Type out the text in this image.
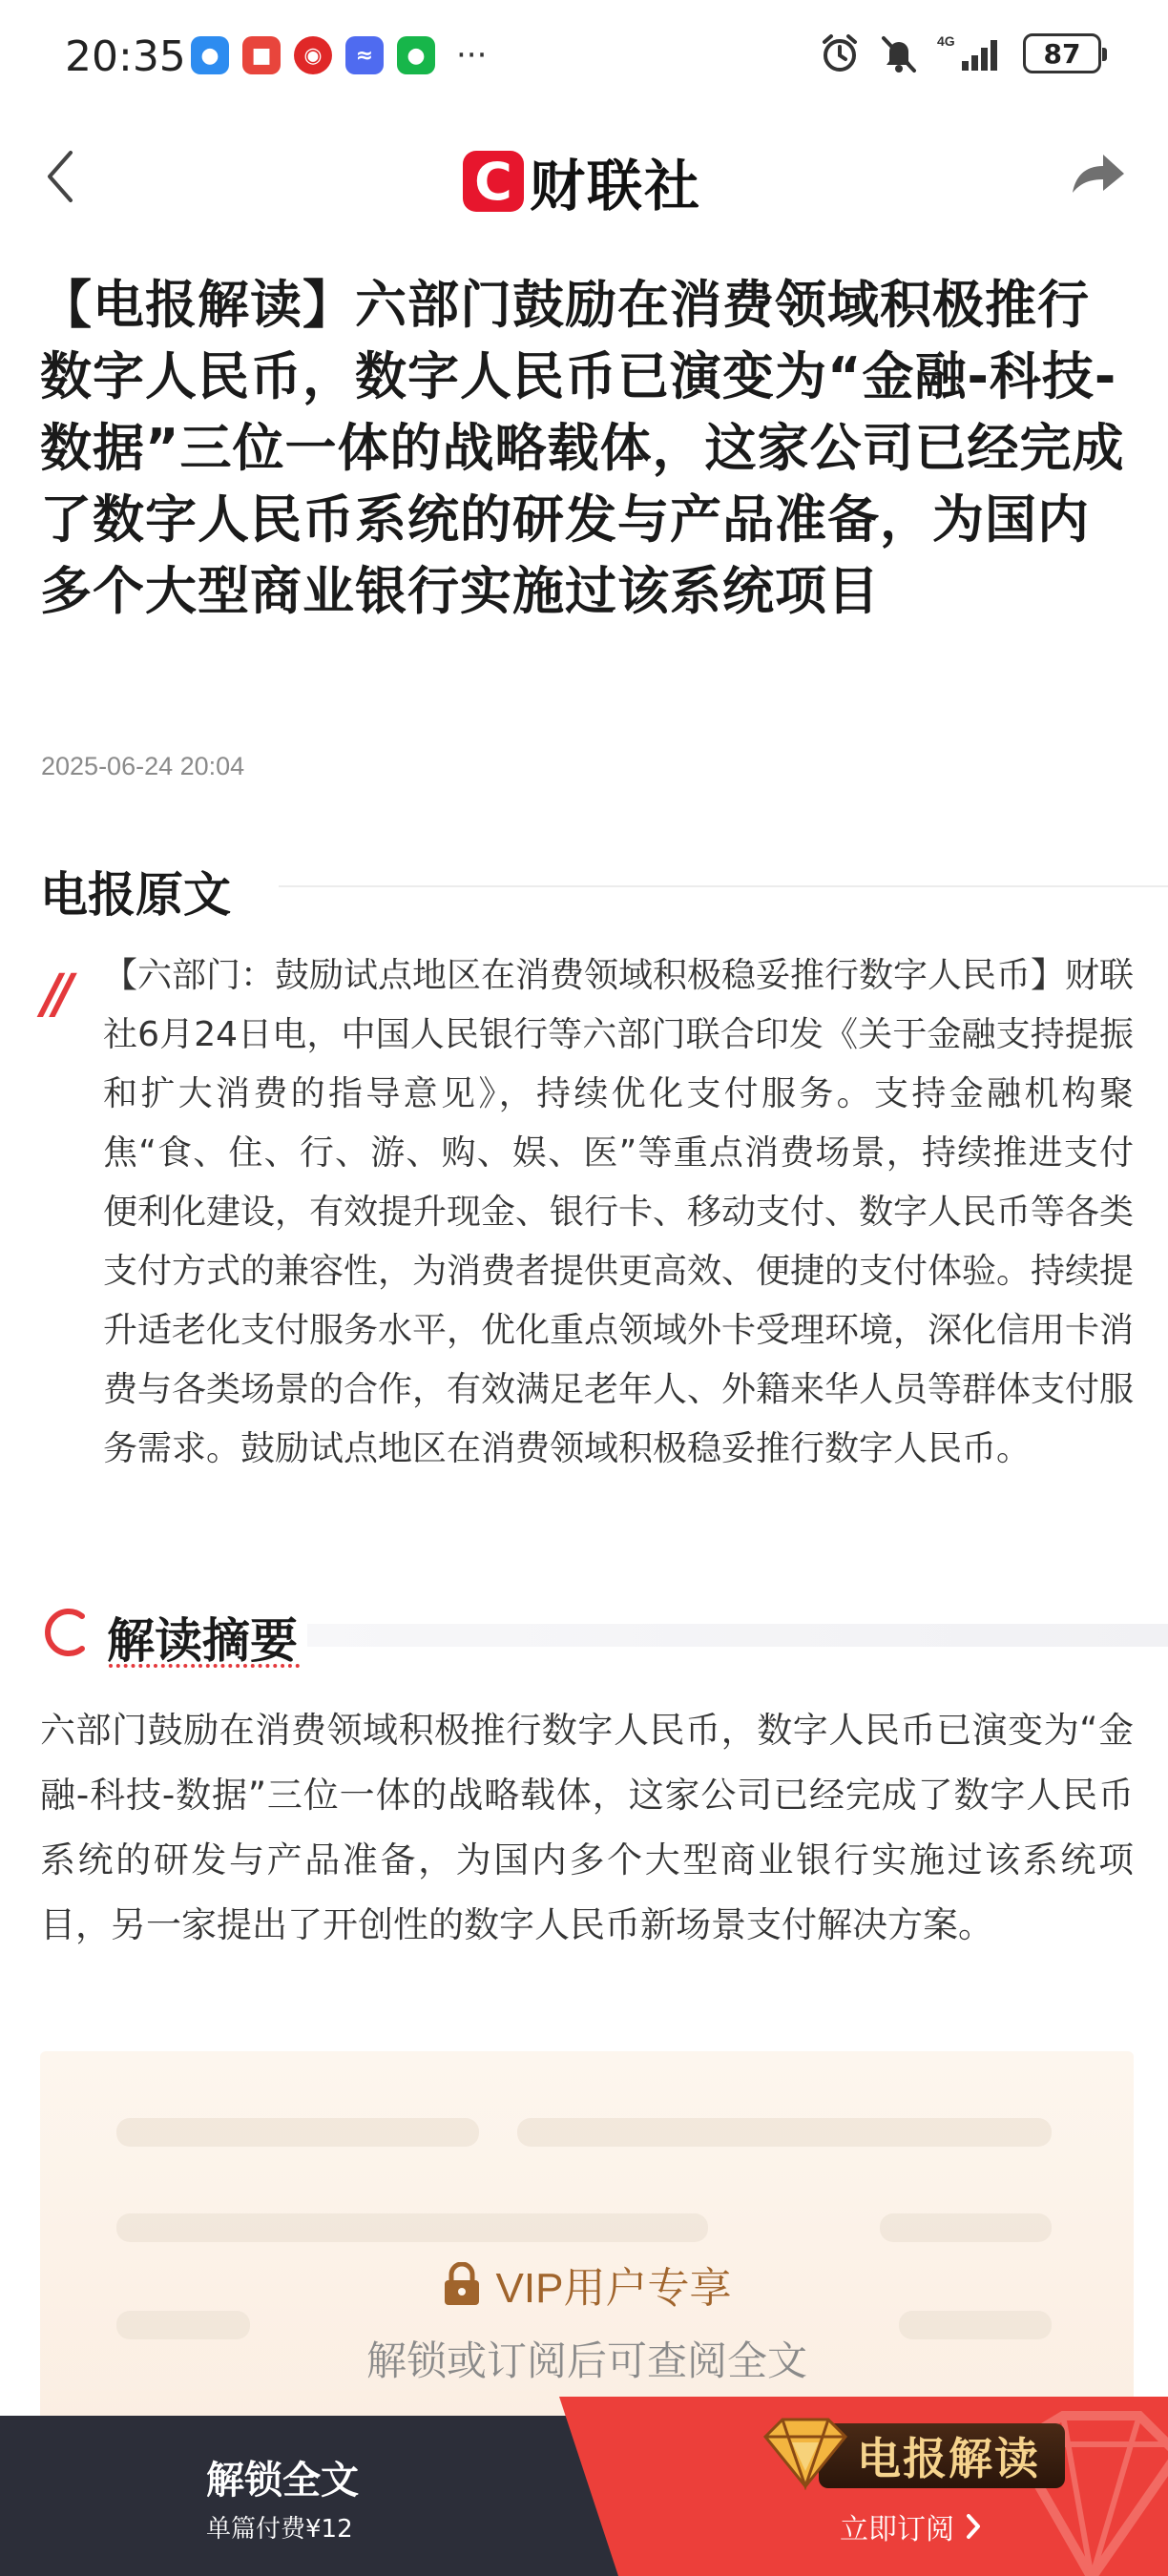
20:35 ●	■	◉	≈	● ···	4G	87
C 财联社
【电报解读】六部门鼓励在消费领域积极推行数字人民币，数字人民币已演变为“金融-科技-数据”三位一体的战略载体，这家公司已经完成了数字人民币系统的研发与产品准备，为国内多个大型商业银行实施过该系统项目
2025-06-24 20:04
电报原文
// 【六部门：鼓励试点地区在消费领域积极稳妥推行数字人民币】财联社6月24日电，中国人民银行等六部门联合印发《关于金融支持提振和扩大消费的指导意见》，持续优化支付服务。支持金融机构聚焦“食、住、行、游、购、娱、医”等重点消费场景，持续推进支付便利化建设，有效提升现金、银行卡、移动支付、数字人民币等各类支付方式的兼容性，为消费者提供更高效、便捷的支付体验。持续提升适老化支付服务水平，优化重点领域外卡受理环境，深化信用卡消费与各类场景的合作，有效满足老年人、外籍来华人员等群体支付服务需求。鼓励试点地区在消费领域积极稳妥推行数字人民币。

解读摘要

六部门鼓励在消费领域积极推行数字人民币，数字人民币已演变为“金融-科技-数据”三位一体的战略载体，这家公司已经完成了数字人民币系统的研发与产品准备，为国内多个大型商业银行实施过该系统项目，另一家提出了开创性的数字人民币新场景支付解决方案。

VIP用户专享
解锁或订阅后可查阅全文
解锁全文
单篇付费¥12
电报解读
立即订阅
